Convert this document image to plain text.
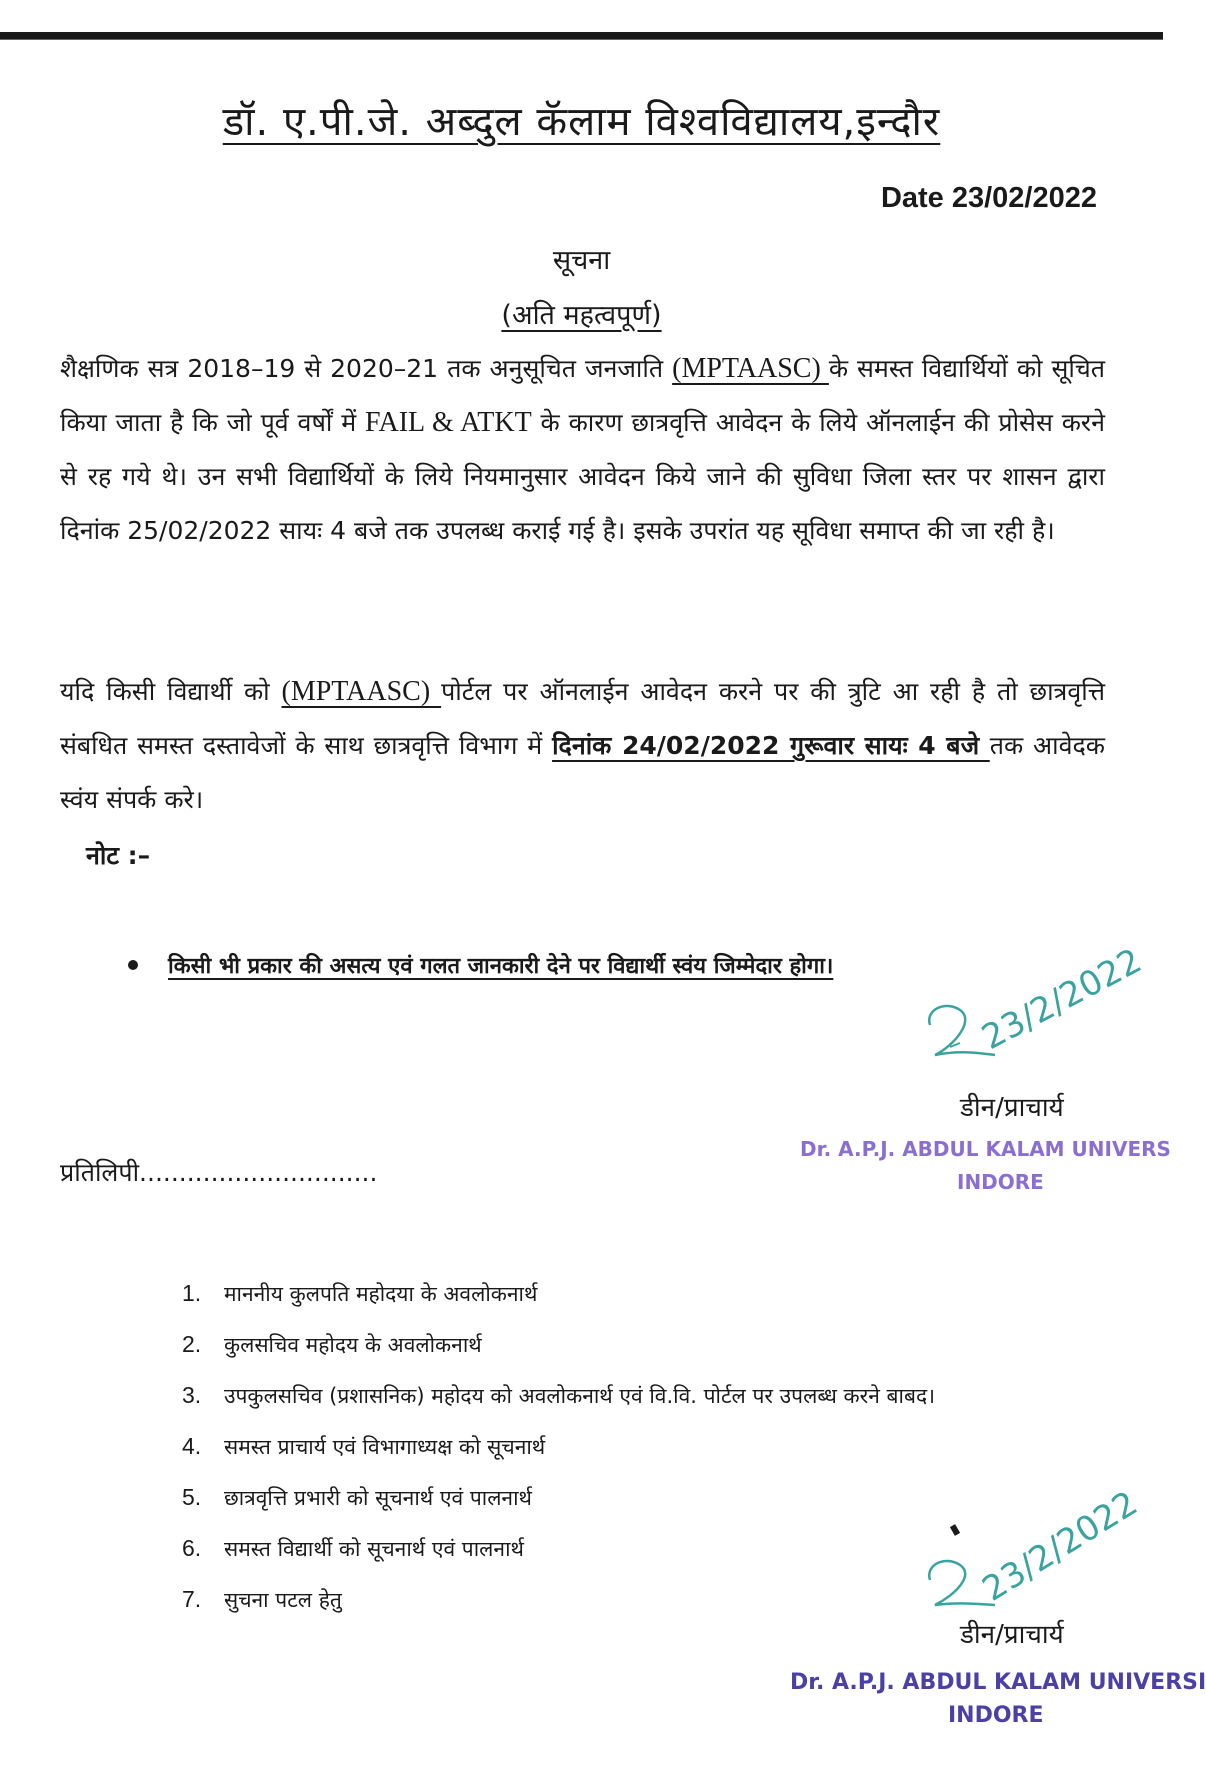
डॉ. ए.पी.जे. अब्दुल कॅलाम विश्वविद्यालय,इन्दौर
Date 23/02/2022
सूचना
(अति महत्वपूर्ण)
शैक्षणिक सत्र 2018–19 से 2020–21 तक अनुसूचित जनजाति (MPTAASC) के समस्त विद्यार्थियों को सूचित किया जाता है कि जो पूर्व वर्षों में FAIL & ATKT के कारण छात्रवृत्ति आवेदन के लिये ऑनलाईन की प्रोसेस करने से रह गये थे। उन सभी विद्यार्थियों के लिये नियमानुसार आवेदन किये जाने की सुविधा जिला स्तर पर शासन द्वारा दिनांक 25/02/2022 सायः 4 बजे तक उपलब्ध कराई गई है। इसके उपरांत यह सूविधा समाप्त की जा रही है।
यदि किसी विद्यार्थी को (MPTAASC) पोर्टल पर ऑनलाईन आवेदन करने पर की त्रुटि आ रही है तो छात्रवृत्ति संबधित समस्त दस्तावेजों के साथ छात्रवृत्ति विभाग में दिनांक 24/02/2022 गुरूवार सायः 4 बजे तक आवेदक स्वंय संपर्क करे।
नोट :–
किसी भी प्रकार की असत्य एवं गलत जानकारी देने पर विद्यार्थी स्वंय जिम्मेदार होगा।	23/2/2022
डीन/प्राचार्य
Dr. A.P.J. ABDUL KALAM UNIVERS
INDORE
प्रतिलिपी..............................
1.	माननीय कुलपति महोदया के अवलोकनार्थ
2.	कुलसचिव महोदय के अवलोकनार्थ
3.	उपकुलसचिव (प्रशासनिक) महोदय को अवलोकनार्थ एवं वि.वि. पोर्टल पर उपलब्ध करने बाबद।
4.	समस्त प्राचार्य एवं विभागाध्यक्ष को सूचनार्थ
5.	छात्रवृत्ति प्रभारी को सूचनार्थ एवं पालनार्थ
6.	समस्त विद्यार्थी को सूचनार्थ एवं पालनार्थ
7.	सुचना पटल हेतु	23/2/2022
डीन/प्राचार्य
Dr. A.P.J. ABDUL KALAM UNIVERSI
INDORE
